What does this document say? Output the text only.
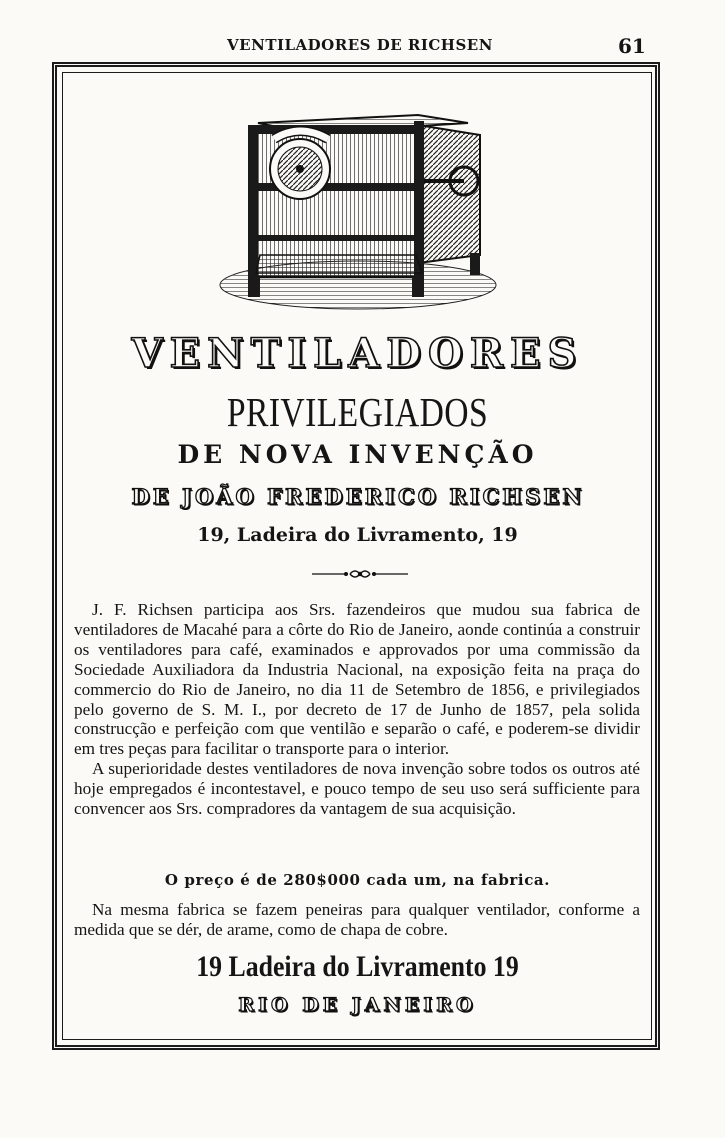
VENTILADORES DE RICHSEN	61
VENTILADORES
PRIVILEGIADOS
DE NOVA INVENÇÃO
DE JOÃO FREDERICO RICHSEN
19, Ladeira do Livramento, 19

J. F. Richsen participa aos Srs. fazendeiros que mudou sua fabrica de ventiladores de Macahé para a côrte do Rio de Janeiro, aonde continúa a construir os ventiladores para café, examinados e approvados por uma commissão da Sociedade Auxiliadora da Industria Nacional, na exposição feita na praça do commercio do Rio de Janeiro, no dia 11 de Setembro de 1856, e privilegiados pelo governo de S. M. I., por decreto de 17 de Junho de 1857, pela solida construcção e perfeição com que ventilão e separão o café, e poderem-se dividir em tres peças para facilitar o transporte para o interior.

A superioridade destes ventiladores de nova invenção sobre todos os outros até hoje empregados é incontestavel, e pouco tempo de seu uso será sufficiente para convencer aos Srs. compradores da vantagem de sua acquisição.

O preço é de 280$000 cada um, na fabrica.
Na mesma fabrica se fazem peneiras para qualquer ventilador, conforme a medida que se dér, de arame, como de chapa de cobre.
19 Ladeira do Livramento 19
RIO DE JANEIRO
